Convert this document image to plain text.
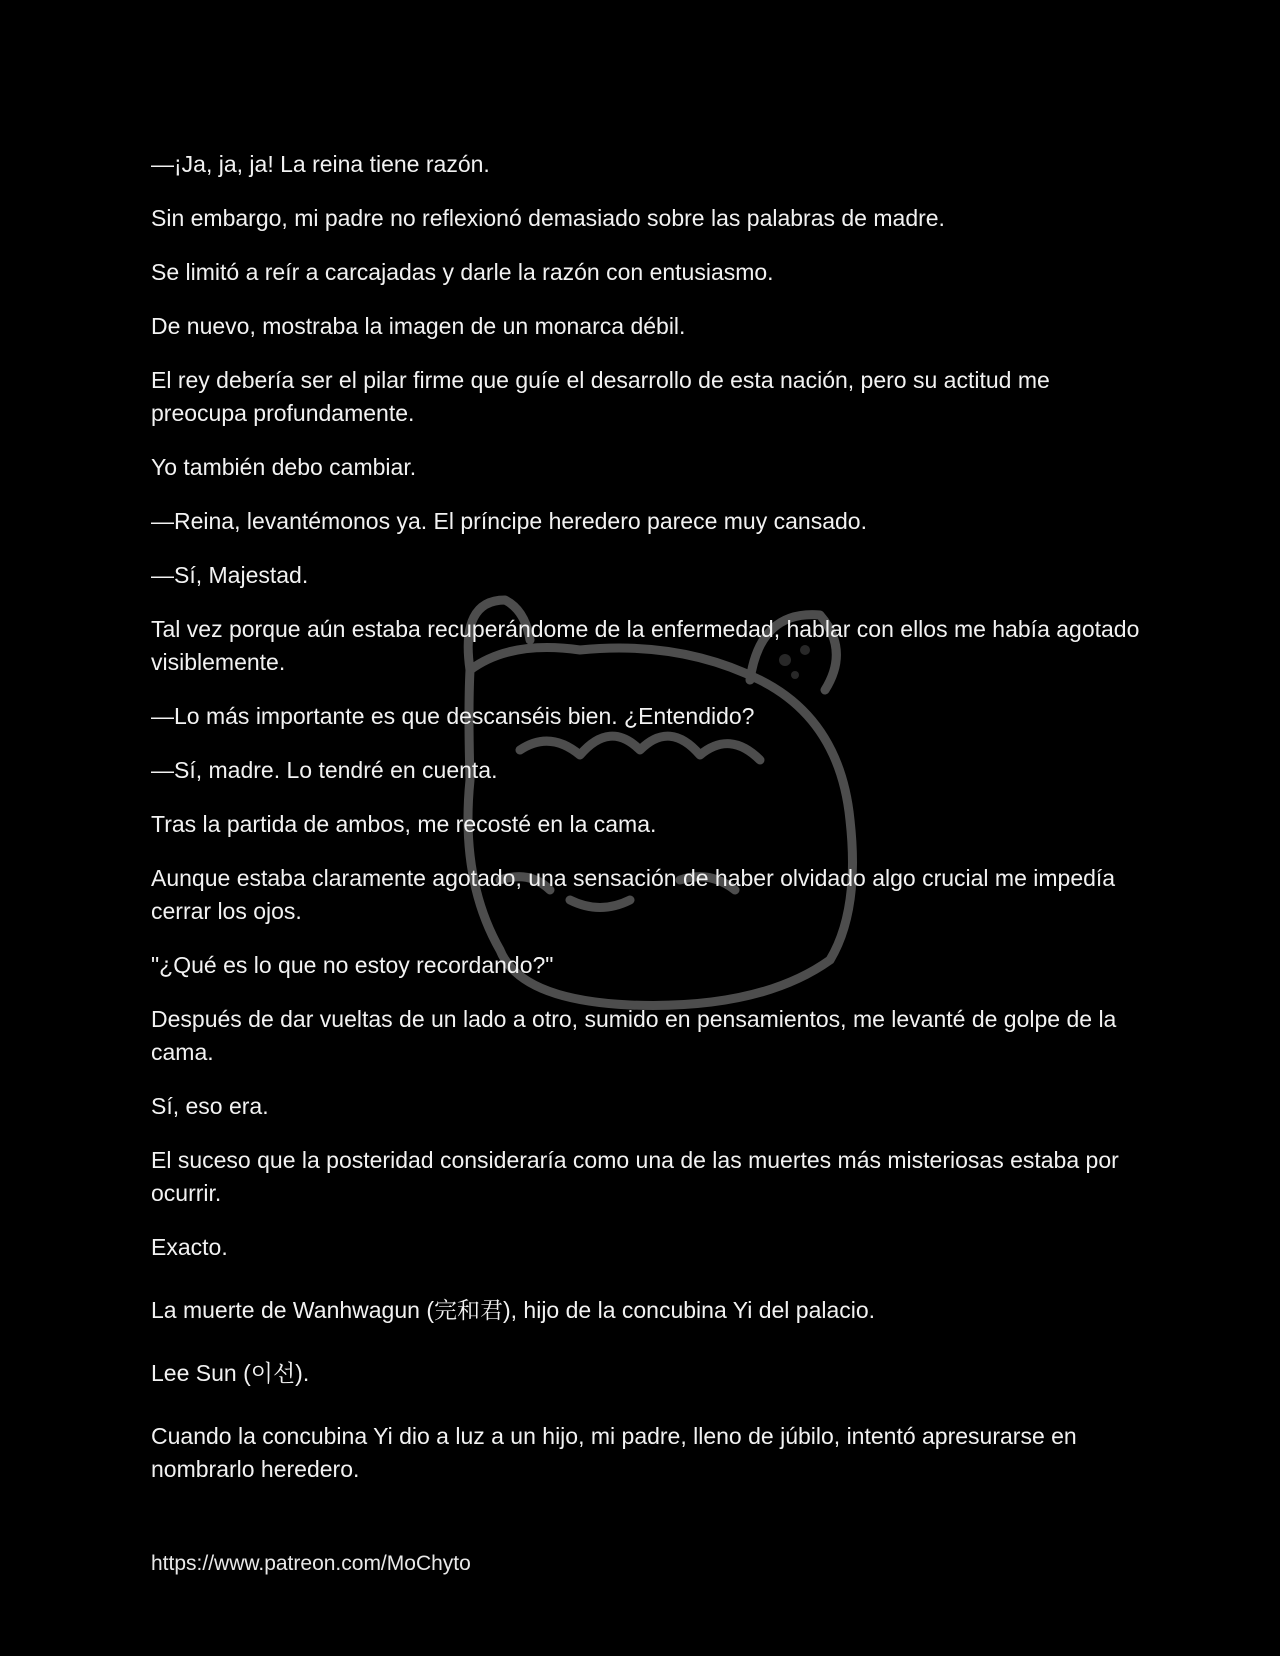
—¡Ja, ja, ja! La reina tiene razón.

Sin embargo, mi padre no reflexionó demasiado sobre las palabras de madre.

Se limitó a reír a carcajadas y darle la razón con entusiasmo.

De nuevo, mostraba la imagen de un monarca débil.

El rey debería ser el pilar firme que guíe el desarrollo de esta nación, pero su actitud me preocupa profundamente.

Yo también debo cambiar.

—Reina, levantémonos ya. El príncipe heredero parece muy cansado.

—Sí, Majestad.

Tal vez porque aún estaba recuperándome de la enfermedad, hablar con ellos me había agotado visiblemente.

—Lo más importante es que descanséis bien. ¿Entendido?

—Sí, madre. Lo tendré en cuenta.

Tras la partida de ambos, me recosté en la cama.

Aunque estaba claramente agotado, una sensación de haber olvidado algo crucial me impedía cerrar los ojos.

"¿Qué es lo que no estoy recordando?"

Después de dar vueltas de un lado a otro, sumido en pensamientos, me levanté de golpe de la cama.

Sí, eso era.

El suceso que la posteridad consideraría como una de las muertes más misteriosas estaba por ocurrir.

Exacto.

La muerte de Wanhwagun (完和君), hijo de la concubina Yi del palacio.

Lee Sun (이선).

Cuando la concubina Yi dio a luz a un hijo, mi padre, lleno de júbilo, intentó apresurarse en nombrarlo heredero.

https://www.patreon.com/MoChyto
